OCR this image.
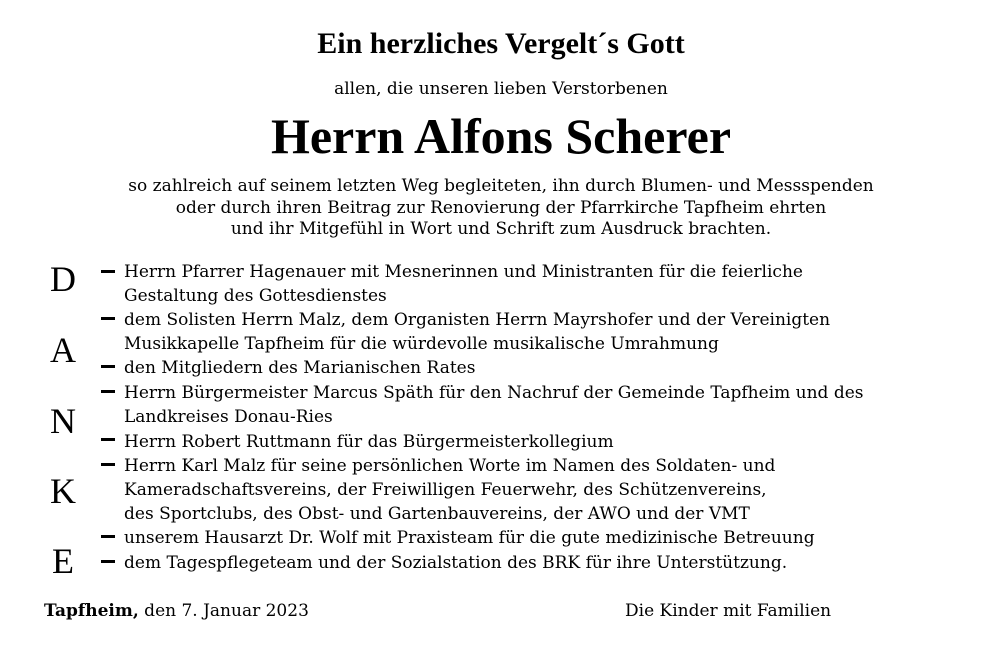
Ein herzliches Vergelt´s Gott
allen, die unseren lieben Verstorbenen
Herrn Alfons Scherer
so zahlreich auf seinem letzten Weg begleiteten, ihn durch Blumen- und Messspenden
oder durch ihren Beitrag zur Renovierung der Pfarrkirche Tapfheim ehrten
und ihr Mitgefühl in Wort und Schrift zum Ausdruck brachten.
D
A
N
K
E
Herrn Pfarrer Hagenauer mit Mesnerinnen und Ministranten für die feierliche
Gestaltung des Gottesdienstes
dem Solisten Herrn Malz, dem Organisten Herrn Mayrshofer und der Vereinigten
Musikkapelle Tapfheim für die würdevolle musikalische Umrahmung
den Mitgliedern des Marianischen Rates
Herrn Bürgermeister Marcus Späth für den Nachruf der Gemeinde Tapfheim und des
Landkreises Donau-Ries
Herrn Robert Ruttmann für das Bürgermeisterkollegium
Herrn Karl Malz für seine persönlichen Worte im Namen des Soldaten- und
Kameradschaftsvereins, der Freiwilligen Feuerwehr, des Schützenvereins,
des Sportclubs, des Obst- und Gartenbauvereins, der AWO und der VMT
unserem Hausarzt Dr. Wolf mit Praxisteam für die gute medizinische Betreuung
dem Tagespflegeteam und der Sozialstation des BRK für ihre Unterstützung.
Tapfheim, den 7. Januar 2023	Die Kinder mit Familien
